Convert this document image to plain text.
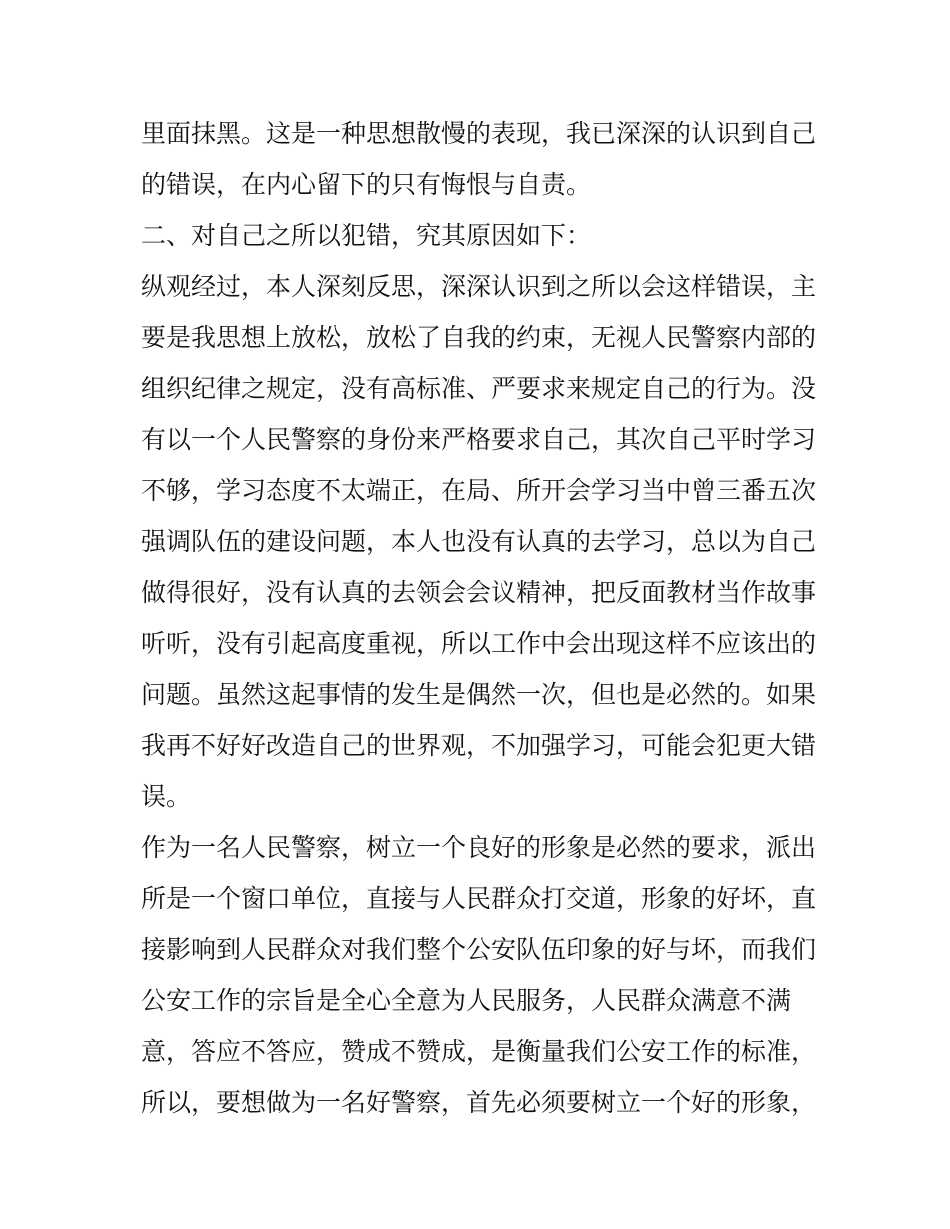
里面抹黑。这是一种思想散慢的表现，我已深深的认识到自己
的错误，在内心留下的只有悔恨与自责。
二、对自己之所以犯错，究其原因如下：
纵观经过，本人深刻反思，深深认识到之所以会这样错误，主
要是我思想上放松，放松了自我的约束，无视人民警察内部的
组织纪律之规定，没有高标准、严要求来规定自己的行为。没
有以一个人民警察的身份来严格要求自己，其次自己平时学习
不够，学习态度不太端正，在局、所开会学习当中曾三番五次
强调队伍的建设问题，本人也没有认真的去学习，总以为自己
做得很好，没有认真的去领会会议精神，把反面教材当作故事
听听，没有引起高度重视，所以工作中会出现这样不应该出的
问题。虽然这起事情的发生是偶然一次，但也是必然的。如果
我再不好好改造自己的世界观，不加强学习，可能会犯更大错
误。
作为一名人民警察，树立一个良好的形象是必然的要求，派出
所是一个窗口单位，直接与人民群众打交道，形象的好坏，直
接影响到人民群众对我们整个公安队伍印象的好与坏，而我们
公安工作的宗旨是全心全意为人民服务，人民群众满意不满
意，答应不答应，赞成不赞成，是衡量我们公安工作的标准，
所以，要想做为一名好警察，首先必须要树立一个好的形象，
